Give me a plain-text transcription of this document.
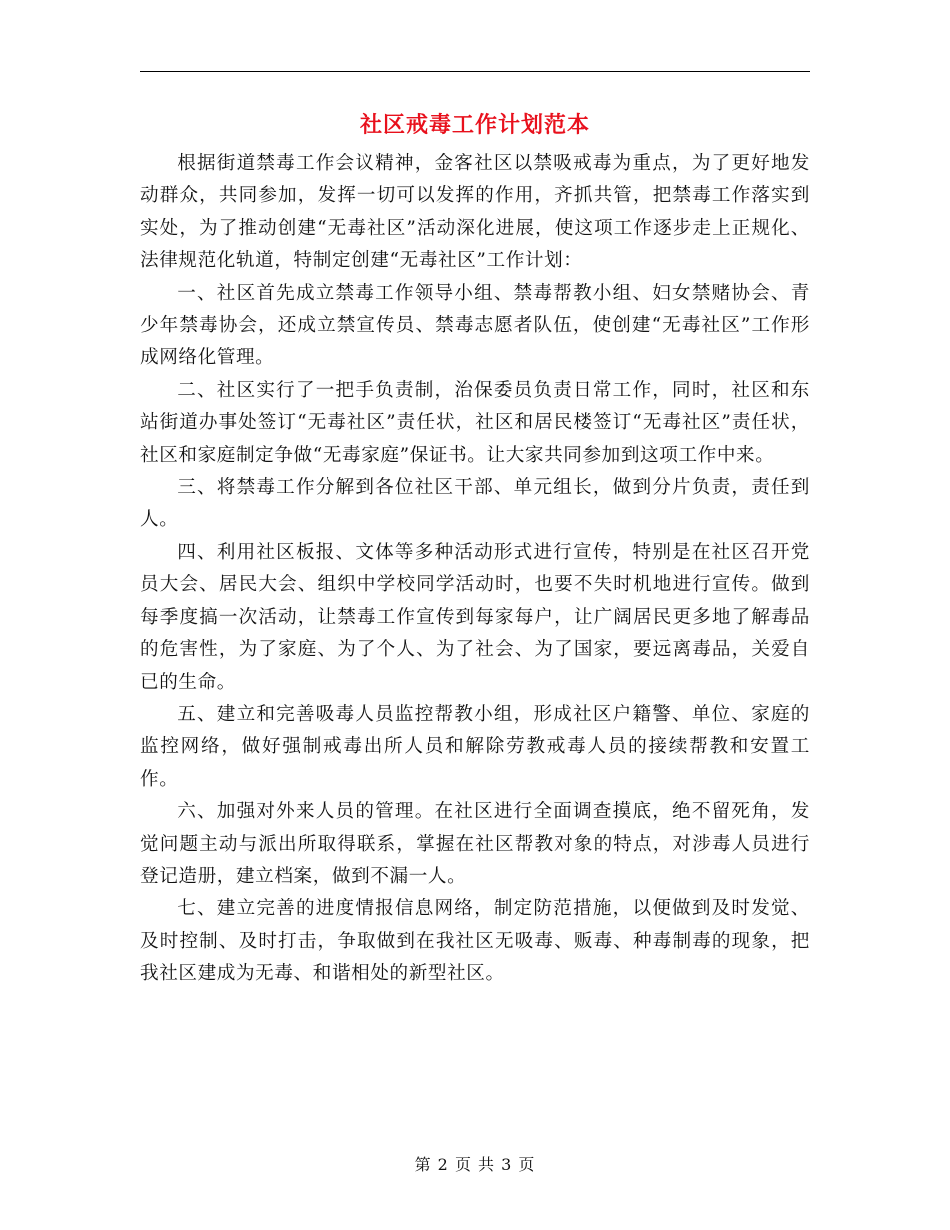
社区戒毒工作计划范本

根据街道禁毒工作会议精神，金客社区以禁吸戒毒为重点，为了更好地发动群众，共同参加，发挥一切可以发挥的作用，齐抓共管，把禁毒工作落实到实处，为了推动创建“无毒社区”活动深化进展，使这项工作逐步走上正规化、法律规范化轨道，特制定创建“无毒社区”工作计划：

一、社区首先成立禁毒工作领导小组、禁毒帮教小组、妇女禁赌协会、青少年禁毒协会，还成立禁宣传员、禁毒志愿者队伍，使创建“无毒社区”工作形成网络化管理。

二、社区实行了一把手负责制，治保委员负责日常工作，同时，社区和东站街道办事处签订“无毒社区”责任状，社区和居民楼签订“无毒社区”责任状，社区和家庭制定争做“无毒家庭”保证书。让大家共同参加到这项工作中来。

三、将禁毒工作分解到各位社区干部、单元组长，做到分片负责，责任到人。

四、利用社区板报、文体等多种活动形式进行宣传，特别是在社区召开党员大会、居民大会、组织中学校同学活动时，也要不失时机地进行宣传。做到每季度搞一次活动，让禁毒工作宣传到每家每户，让广阔居民更多地了解毒品的危害性，为了家庭、为了个人、为了社会、为了国家，要远离毒品，关爱自已的生命。

五、建立和完善吸毒人员监控帮教小组，形成社区户籍警、单位、家庭的监控网络，做好强制戒毒出所人员和解除劳教戒毒人员的接续帮教和安置工作。

六、加强对外来人员的管理。在社区进行全面调查摸底，绝不留死角，发觉问题主动与派出所取得联系，掌握在社区帮教对象的特点，对涉毒人员进行登记造册，建立档案，做到不漏一人。

七、建立完善的进度情报信息网络，制定防范措施，以便做到及时发觉、及时控制、及时打击，争取做到在我社区无吸毒、贩毒、种毒制毒的现象，把我社区建成为无毒、和谐相处的新型社区。

第 2 页 共 3 页
